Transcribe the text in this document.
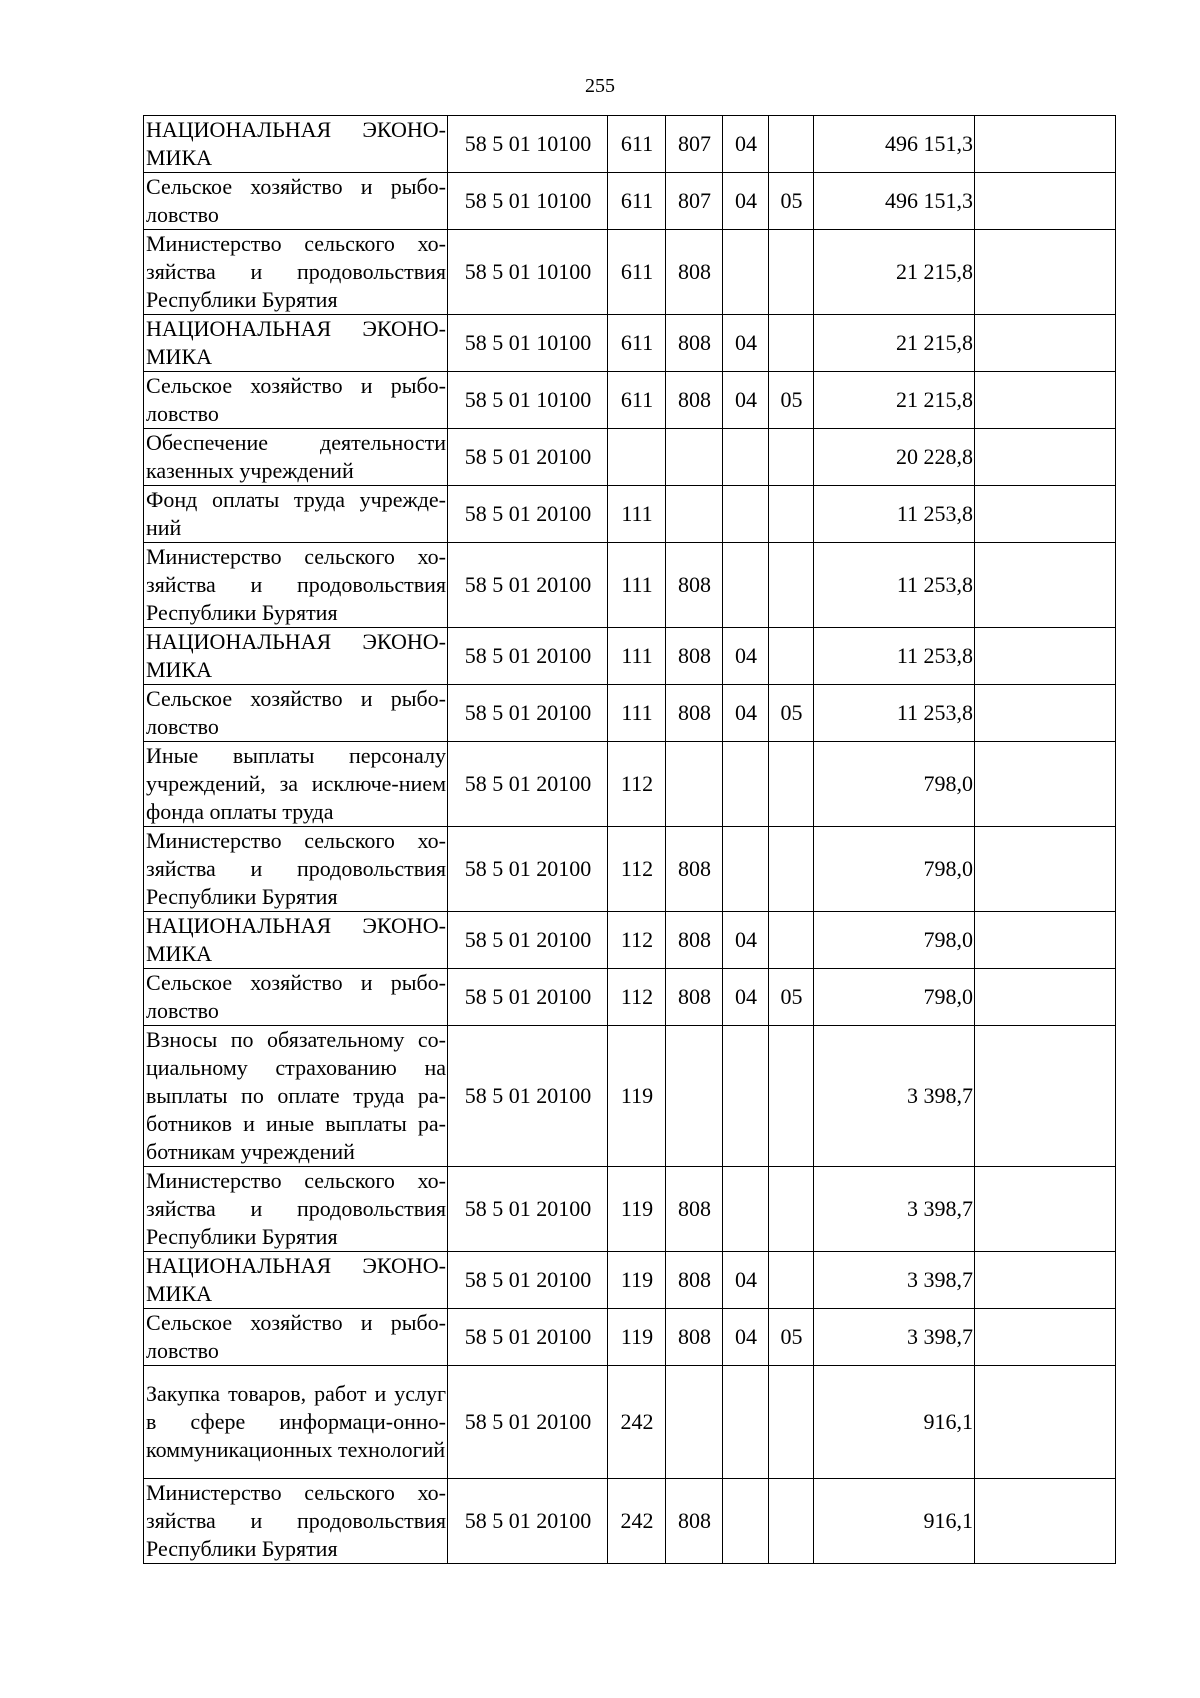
255
НАЦИОНАЛЬНАЯ ЭКОНО-МИКА	58 5 01 10100	611	807	04		496 151,3	
Сельское хозяйство и рыбо-ловство	58 5 01 10100	611	807	04	05	496 151,3	
Министерство сельского хо-зяйства и продовольствия Республики Бурятия	58 5 01 10100	611	808			21 215,8	
НАЦИОНАЛЬНАЯ ЭКОНО-МИКА	58 5 01 10100	611	808	04		21 215,8	
Сельское хозяйство и рыбо-ловство	58 5 01 10100	611	808	04	05	21 215,8	
Обеспечение деятельности казенных учреждений	58 5 01 20100					20 228,8	
Фонд оплаты труда учрежде-ний	58 5 01 20100	111				11 253,8	
Министерство сельского хо-зяйства и продовольствия Республики Бурятия	58 5 01 20100	111	808			11 253,8	
НАЦИОНАЛЬНАЯ ЭКОНО-МИКА	58 5 01 20100	111	808	04		11 253,8	
Сельское хозяйство и рыбо-ловство	58 5 01 20100	111	808	04	05	11 253,8	
Иные выплаты персоналу учреждений, за исключе-нием фонда оплаты труда	58 5 01 20100	112				798,0	
Министерство сельского хо-зяйства и продовольствия Республики Бурятия	58 5 01 20100	112	808			798,0	
НАЦИОНАЛЬНАЯ ЭКОНО-МИКА	58 5 01 20100	112	808	04		798,0	
Сельское хозяйство и рыбо-ловство	58 5 01 20100	112	808	04	05	798,0	
Взносы по обязательному со-циальному страхованию на выплаты по оплате труда ра-ботников и иные выплаты ра-ботникам учреждений	58 5 01 20100	119				3 398,7	
Министерство сельского хо-зяйства и продовольствия Республики Бурятия	58 5 01 20100	119	808			3 398,7	
НАЦИОНАЛЬНАЯ ЭКОНО-МИКА	58 5 01 20100	119	808	04		3 398,7	
Сельское хозяйство и рыбо-ловство	58 5 01 20100	119	808	04	05	3 398,7	
Закупка товаров, работ и услуг в сфере информаци-онно-коммуникационных технологий	58 5 01 20100	242				916,1	
Министерство сельского хо-зяйства и продовольствия Республики Бурятия	58 5 01 20100	242	808			916,1	
